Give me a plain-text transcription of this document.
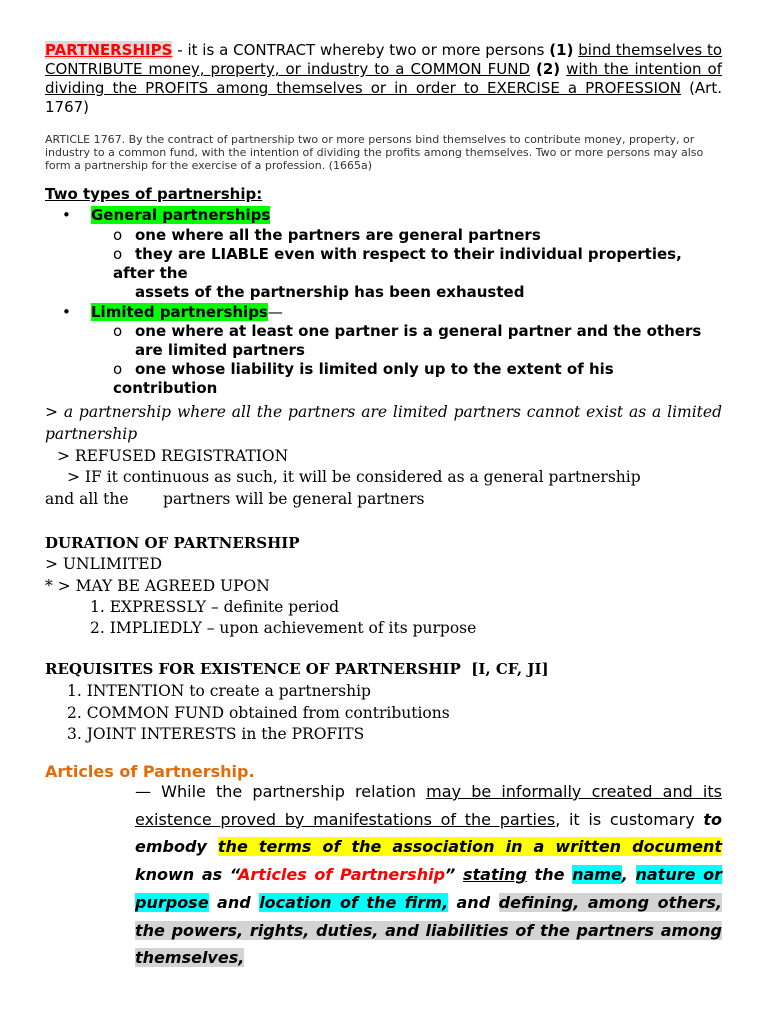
PARTNERSHIPS - it is a CONTRACT whereby two or more persons (1) bind themselves to CONTRIBUTE money, property, or industry to a COMMON FUND (2) with the intention of dividing the PROFITS among themselves or in order to EXERCISE a PROFESSION (Art. 1767)
ARTICLE 1767. By the contract of partnership two or more persons bind themselves to contribute money, property, or industry to a common fund, with the intention of dividing the profits among themselves. Two or more persons may also form a partnership for the exercise of a profession. (1665a)
Two types of partnership:
• General partnerships
o one where all the partners are general partners
o they are LIABLE even with respect to their individual properties, after the
assets of the partnership has been exhausted
• Limited partnerships—
o one where at least one partner is a general partner and the others
are limited partners
o one whose liability is limited only up to the extent of his contribution
> a partnership where all the partners are limited partners cannot exist as a limited partnership
> REFUSED REGISTRATION
> IF it continuous as such, it will be considered as a general partnership
and all the       partners will be general partners
DURATION OF PARTNERSHIP
> UNLIMITED
* > MAY BE AGREED UPON
1. EXPRESSLY – definite period
2. IMPLIEDLY – upon achievement of its purpose
REQUISITES FOR EXISTENCE OF PARTNERSHIP  [I, CF, JI]
1. INTENTION to create a partnership
2. COMMON FUND obtained from contributions
3. JOINT INTERESTS in the PROFITS
Articles of Partnership.
— While the partnership relation may be informally created and its existence proved by manifestations of the parties, it is customary to embody the terms of the association in a written document known as “Articles of Partnership” stating the name, nature or purpose and location of the firm, and defining, among others, the powers, rights, duties, and liabilities of the partners among themselves,
